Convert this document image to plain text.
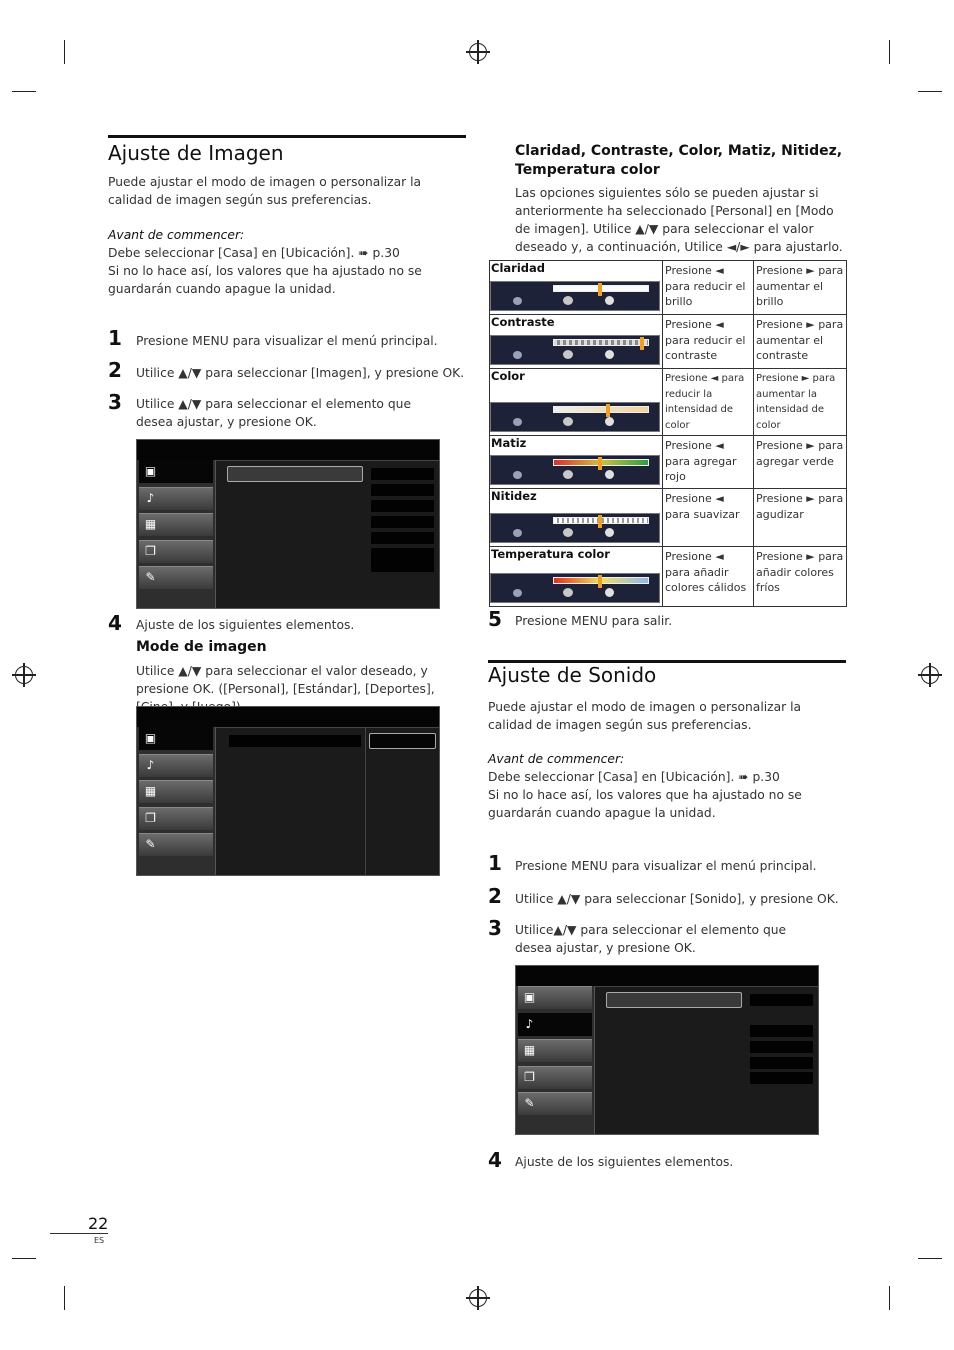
Ajuste de Imagen
Puede ajustar el modo de imagen o personalizar la calidad de imagen según sus preferencias.
Avant de commencer:
Debe seleccionar [Casa] en [Ubicación]. ➠ p.30
Si no lo hace así, los valores que ha ajustado no se guardarán cuando apague la unidad.
1 Presione MENU para visualizar el menú principal.
2 Utilice ▲/▼ para seleccionar [Imagen], y presione OK.
3 Utilice ▲/▼ para seleccionar el elemento que desea ajustar, y presione OK.
▣
♪
▦
❐
✎
4 Ajuste de los siguientes elementos.
Mode de imagen
Utilice ▲/▼ para seleccionar el valor deseado, y presione OK. ([Personal], [Estándar], [Deportes],
▣
♪
▦
❐
✎
Claridad, Contraste, Color, Matiz, Nitidez, Temperatura color
Las opciones siguientes sólo se pueden ajustar si anteriormente ha seleccionado [Personal] en [Modo de imagen]. Utilice ▲/▼ para seleccionar el valor deseado y, a continuación, Utilice ◄/► para ajustarlo.
Claridad	Presione ◄ para reducir el brillo	Presione ► para aumentar el brillo

Contraste	Presione ◄ para reducir el contraste	Presione ► para aumentar el contraste

Color	Presione ◄ para reducir la intensidad de color	Presione ► para aumentar la intensidad de color

Matiz	Presione ◄ para agregar rojo	Presione ► para agregar verde

Nitidez	Presione ◄ para suavizar	Presione ► para agudizar

Temperatura color	Presione ◄ para añadir colores cálidos	Presione ► para añadir colores fríos
5 Presione MENU para salir.
Ajuste de Sonido
Puede ajustar el modo de imagen o personalizar la calidad de imagen según sus preferencias.
Avant de commencer:
Debe seleccionar [Casa] en [Ubicación]. ➠ p.30
Si no lo hace así, los valores que ha ajustado no se guardarán cuando apague la unidad.
1 Presione MENU para visualizar el menú principal.
2 Utilice ▲/▼ para seleccionar [Sonido], y presione OK.
3 Utilice▲/▼ para seleccionar el elemento que desea ajustar, y presione OK.
▣
♪
▦
❐
✎
4 Ajuste de los siguientes elementos.
22
ES
